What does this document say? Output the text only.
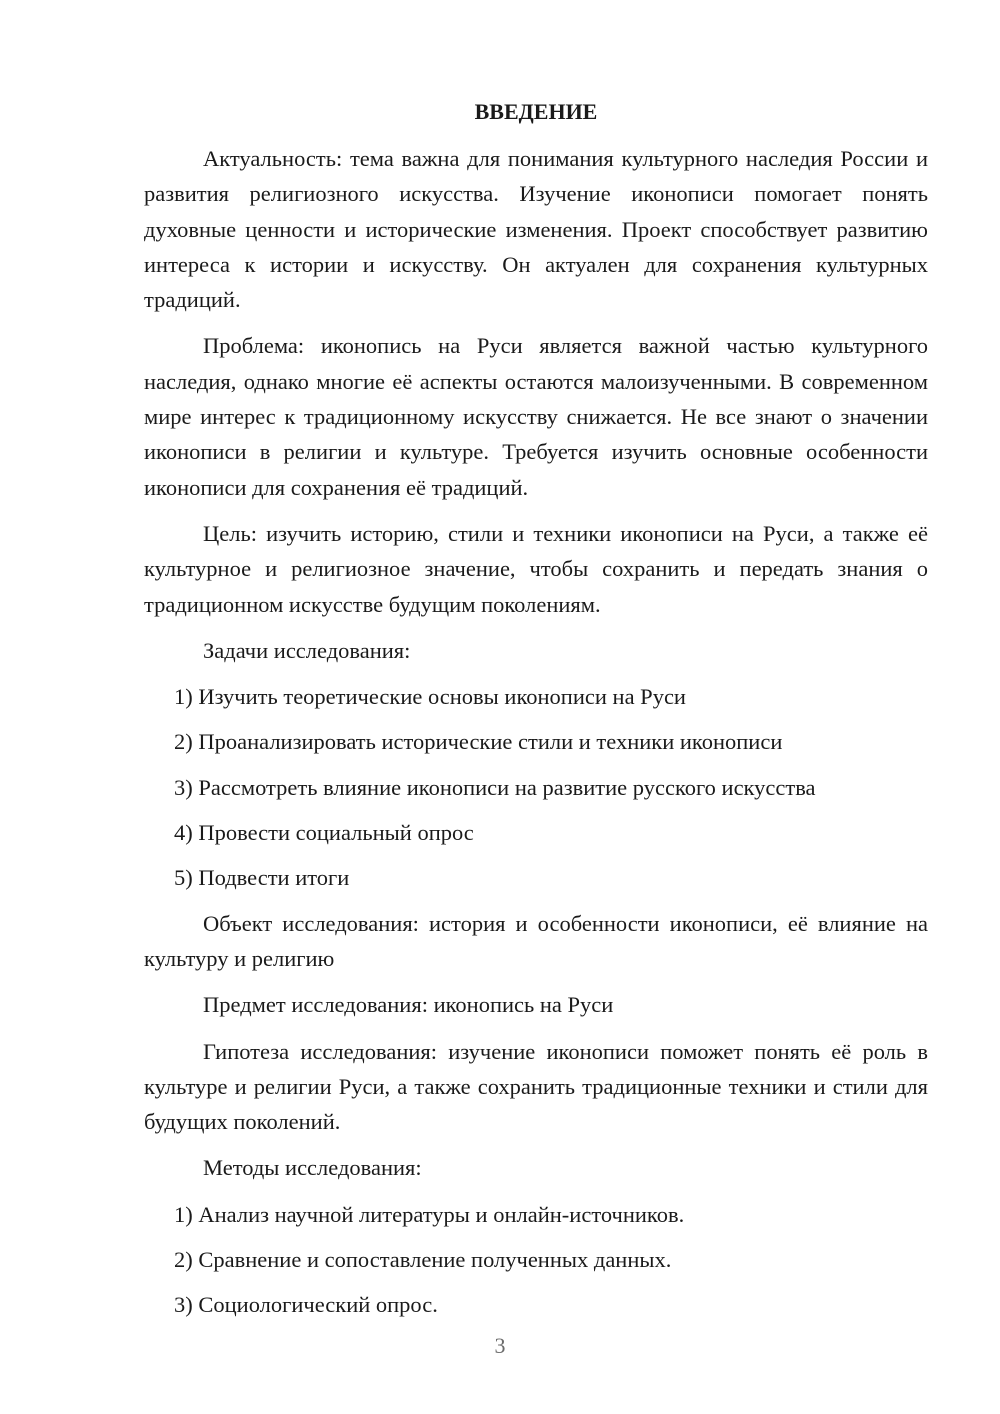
ВВЕДЕНИЕ
Актуальность: тема важна для понимания культурного наследия России и развития религиозного искусства. Изучение иконописи помогает понять духовные ценности и исторические изменения. Проект способствует развитию интереса к истории и искусству. Он актуален для сохранения культурных традиций.
Проблема: иконопись на Руси является важной частью культурного наследия, однако многие её аспекты остаются малоизученными. В современном мире интерес к традиционному искусству снижается. Не все знают о значении иконописи в религии и культуре. Требуется изучить основные особенности иконописи для сохранения её традиций.
Цель: изучить историю, стили и техники иконописи на Руси, а также её культурное и религиозное значение, чтобы сохранить и передать знания о традиционном искусстве будущим поколениям.
Задачи исследования:
1) Изучить теоретические основы иконописи на Руси
2) Проанализировать исторические стили и техники иконописи
3) Рассмотреть влияние иконописи на развитие русского искусства
4) Провести социальный опрос
5) Подвести итоги
Объект исследования: история и особенности иконописи, её влияние на культуру и религию
Предмет исследования: иконопись на Руси
Гипотеза исследования: изучение иконописи поможет понять её роль в культуре и религии Руси, а также сохранить традиционные техники и стили для будущих поколений.
Методы исследования:
1) Анализ научной литературы и онлайн-источников.
2) Сравнение и сопоставление полученных данных.
3) Социологический опрос.
3
